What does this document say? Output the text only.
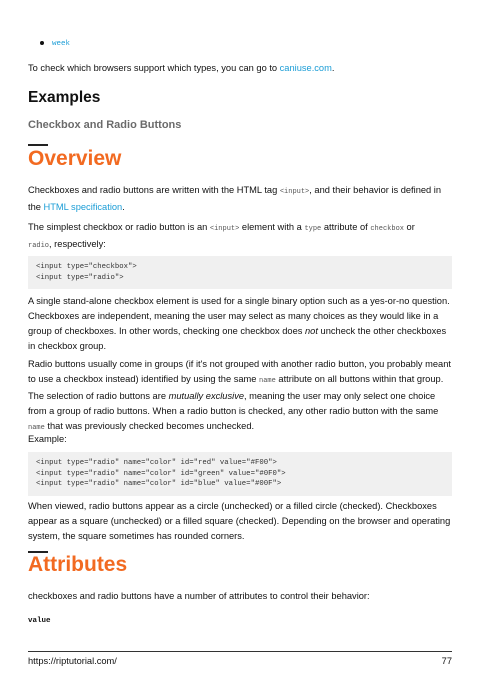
week

To check which browsers support which types, you can go to caniuse.com.

Examples
Checkbox and Radio Buttons
Overview

Checkboxes and radio buttons are written with the HTML tag <input>, and their behavior is defined in the HTML specification.

The simplest checkbox or radio button is an <input> element with a type attribute of checkbox or
radio, respectively:

<input type="checkbox">
<input type="radio">

A single stand-alone checkbox element is used for a single binary option such as a yes-or-no question. Checkboxes are independent, meaning the user may select as many choices as they would like in a group of checkboxes. In other words, checking one checkbox does not uncheck the other checkboxes in checkbox group.

Radio buttons usually come in groups (if it's not grouped with another radio button, you probably meant to use a checkbox instead) identified by using the same name attribute on all buttons within that group. The selection of radio buttons are mutually exclusive, meaning the user may only select one choice from a group of radio buttons. When a radio button is checked, any other radio button with the same name that was previously checked becomes unchecked.

Example:

<input type="radio" name="color" id="red" value="#F00">
<input type="radio" name="color" id="green" value="#0F0">
<input type="radio" name="color" id="blue" value="#00F">

When viewed, radio buttons appear as a circle (unchecked) or a filled circle (checked). Checkboxes appear as a square (unchecked) or a filled square (checked). Depending on the browser and operating system, the square sometimes has rounded corners.

Attributes

checkboxes and radio buttons have a number of attributes to control their behavior:

value
https://riptutorial.com/	77
